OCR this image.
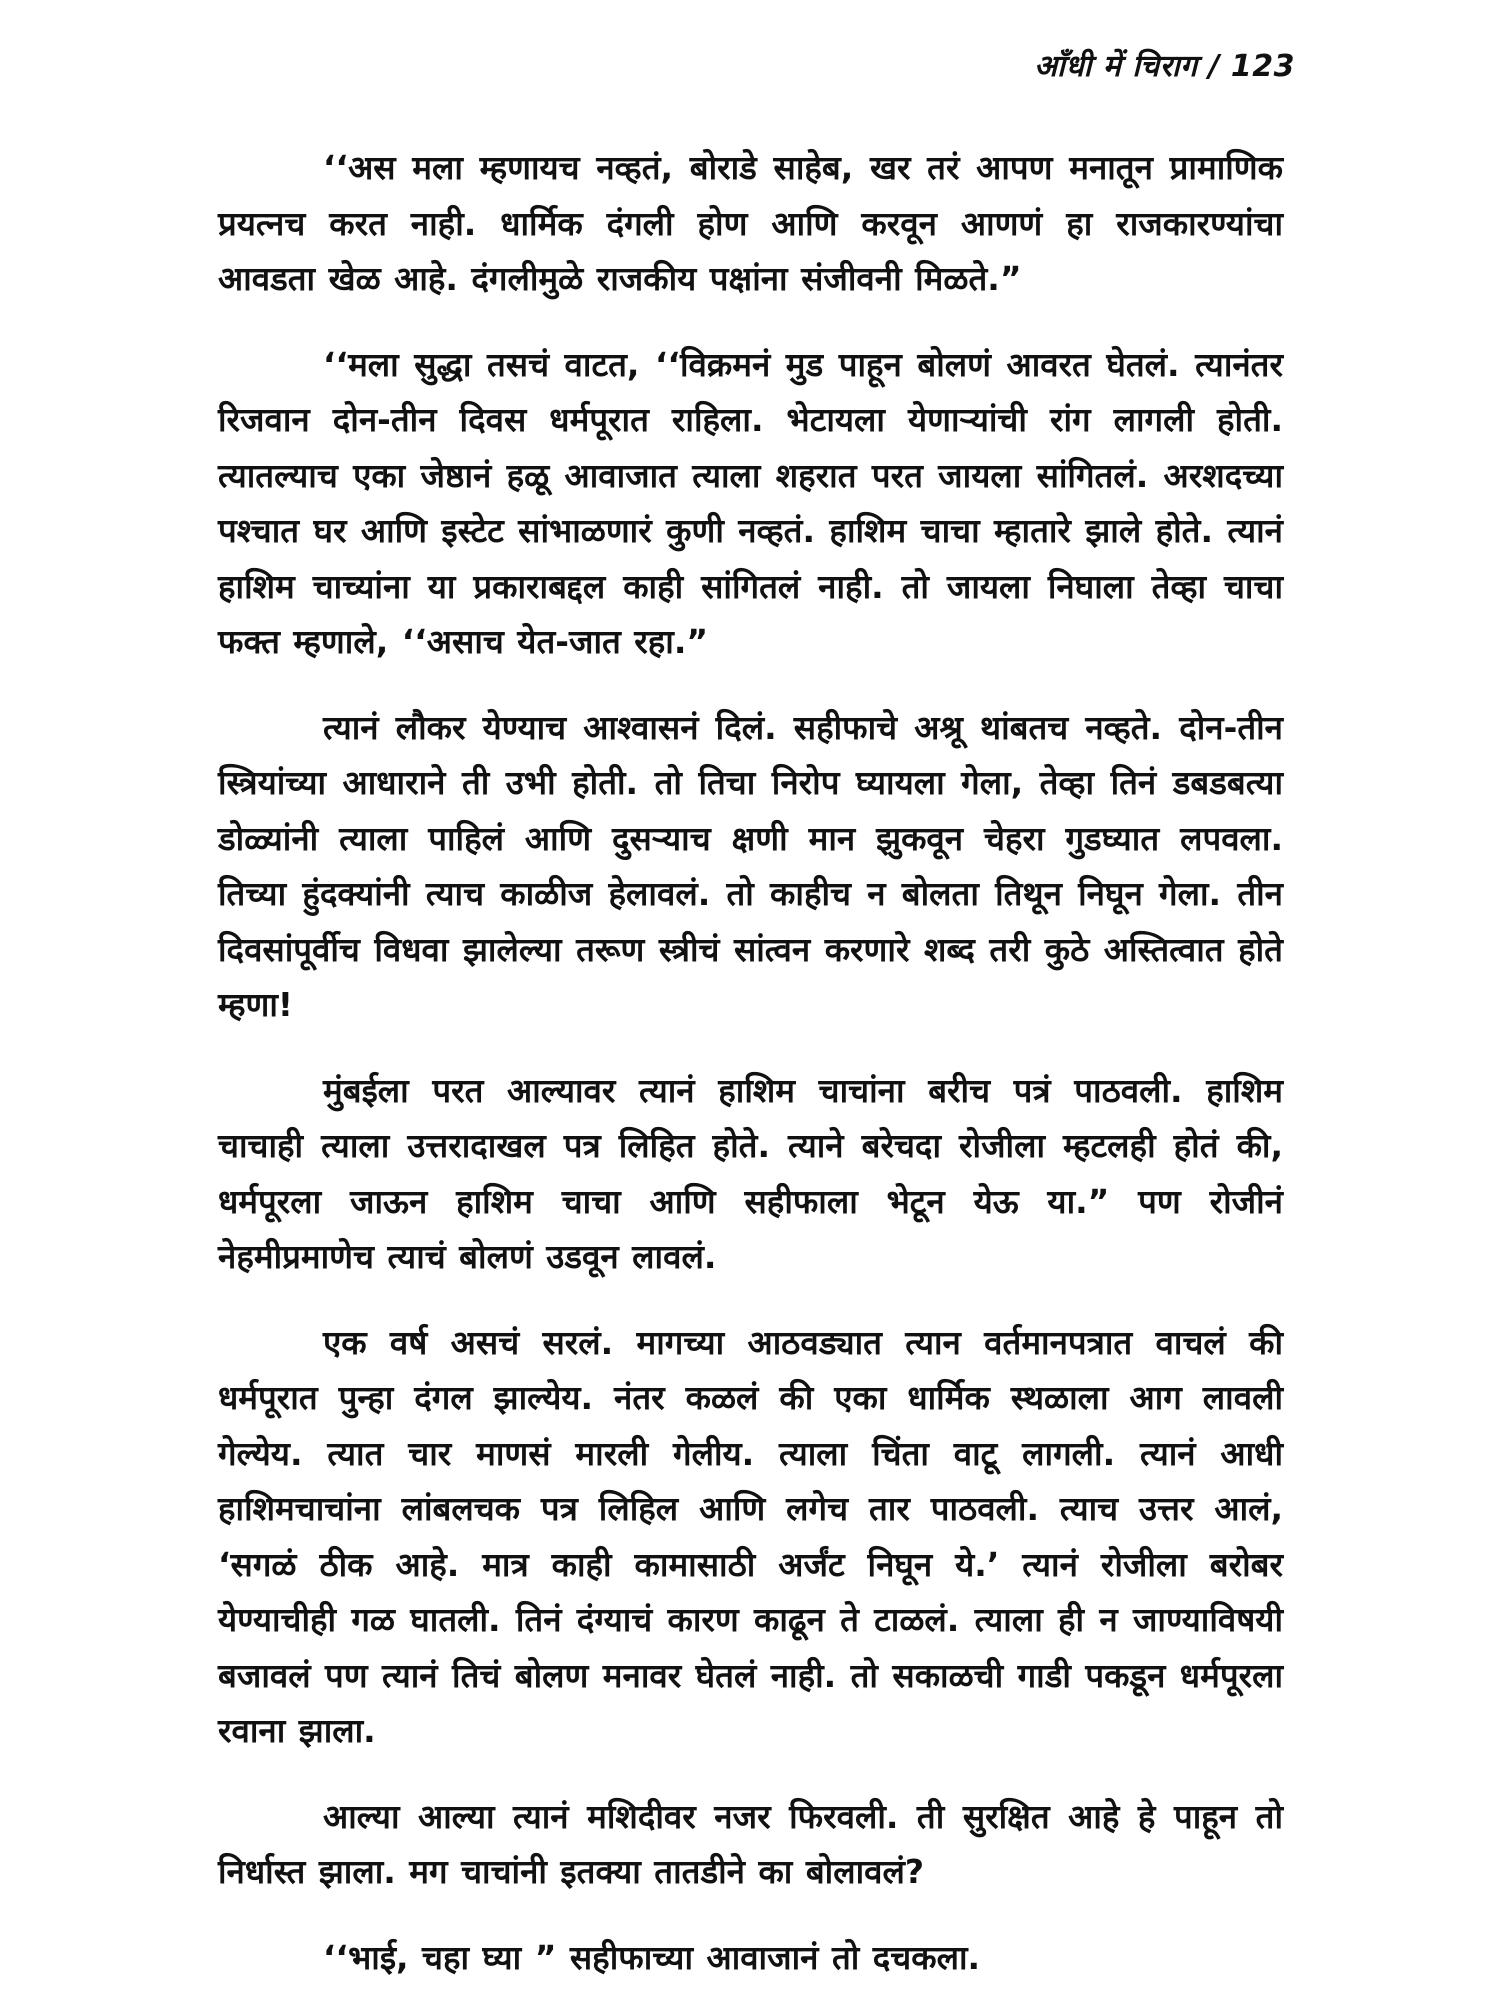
आँधी में चिराग / 123

‘‘अस मला म्हणायच नव्हतं, बोराडे साहेब, खर तरं आपण मनातून प्रामाणिक प्रयत्नच करत नाही. धार्मिक दंगली होण आणि करवून आणणं हा राजकारण्यांचा आवडता खेळ आहे. दंगलीमुळे राजकीय पक्षांना संजीवनी मिळते.”

‘‘मला सुद्धा तसचं वाटत, ‘‘विक्रमनं मुड पाहून बोलणं आवरत घेतलं. त्यानंतर रिजवान दोन-तीन दिवस धर्मपूरात राहिला. भेटायला येणाऱ्यांची रांग लागली होती. त्यातल्याच एका जेष्ठानं हळू आवाजात त्याला शहरात परत जायला सांगितलं. अरशदच्या पश्चात घर आणि इस्टेट सांभाळणारं कुणी नव्हतं. हाशिम चाचा म्हातारे झाले होते. त्यानं हाशिम चाच्यांना या प्रकाराबद्दल काही सांगितलं नाही. तो जायला निघाला तेव्हा चाचा फक्त म्हणाले, ‘‘असाच येत-जात रहा.”

त्यानं लौकर येण्याच आश्वासनं दिलं. सहीफाचे अश्रू थांबतच नव्हते. दोन-तीन स्त्रियांच्या आधाराने ती उभी होती. तो तिचा निरोप घ्यायला गेला, तेव्हा तिनं डबडबत्या डोळ्यांनी त्याला पाहिलं आणि दुसऱ्याच क्षणी मान झुकवून चेहरा गुडघ्यात लपवला. तिच्या हुंदक्यांनी त्याच काळीज हेलावलं. तो काहीच न बोलता तिथून निघून गेला. तीन दिवसांपूर्वीच विधवा झालेल्या तरूण स्त्रीचं सांत्वन करणारे शब्द तरी कुठे अस्तित्वात होते म्हणा!

मुंबईला परत आल्यावर त्यानं हाशिम चाचांना बरीच पत्रं पाठवली. हाशिम चाचाही त्याला उत्तरादाखल पत्र लिहित होते. त्याने बरेचदा रोजीला म्हटलही होतं की, धर्मपूरला जाऊन हाशिम चाचा आणि सहीफाला भेटून येऊ या.” पण रोजीनं नेहमीप्रमाणेच त्याचं बोलणं उडवून लावलं.

एक वर्ष असचं सरलं. मागच्या आठवड्यात त्यान वर्तमानपत्रात वाचलं की धर्मपूरात पुन्हा दंगल झाल्येय. नंतर कळलं की एका धार्मिक स्थळाला आग लावली गेल्येय. त्यात चार माणसं मारली गेलीय. त्याला चिंता वाटू लागली. त्यानं आधी हाशिमचाचांना लांबलचक पत्र लिहिल आणि लगेच तार पाठवली. त्याच उत्तर आलं, ‘सगळं ठीक आहे. मात्र काही कामासाठी अर्जंट निघून ये.’ त्यानं रोजीला बरोबर येण्याचीही गळ घातली. तिनं दंग्याचं कारण काढून ते टाळलं. त्याला ही न जाण्याविषयी बजावलं पण त्यानं तिचं बोलण मनावर घेतलं नाही. तो सकाळची गाडी पकडून धर्मपूरला रवाना झाला.

आल्या आल्या त्यानं मशिदीवर नजर फिरवली. ती सुरक्षित आहे हे पाहून तो निर्धास्त झाला. मग चाचांनी इतक्या तातडीने का बोलावलं?

‘‘भाई, चहा घ्या ” सहीफाच्या आवाजानं तो दचकला.
